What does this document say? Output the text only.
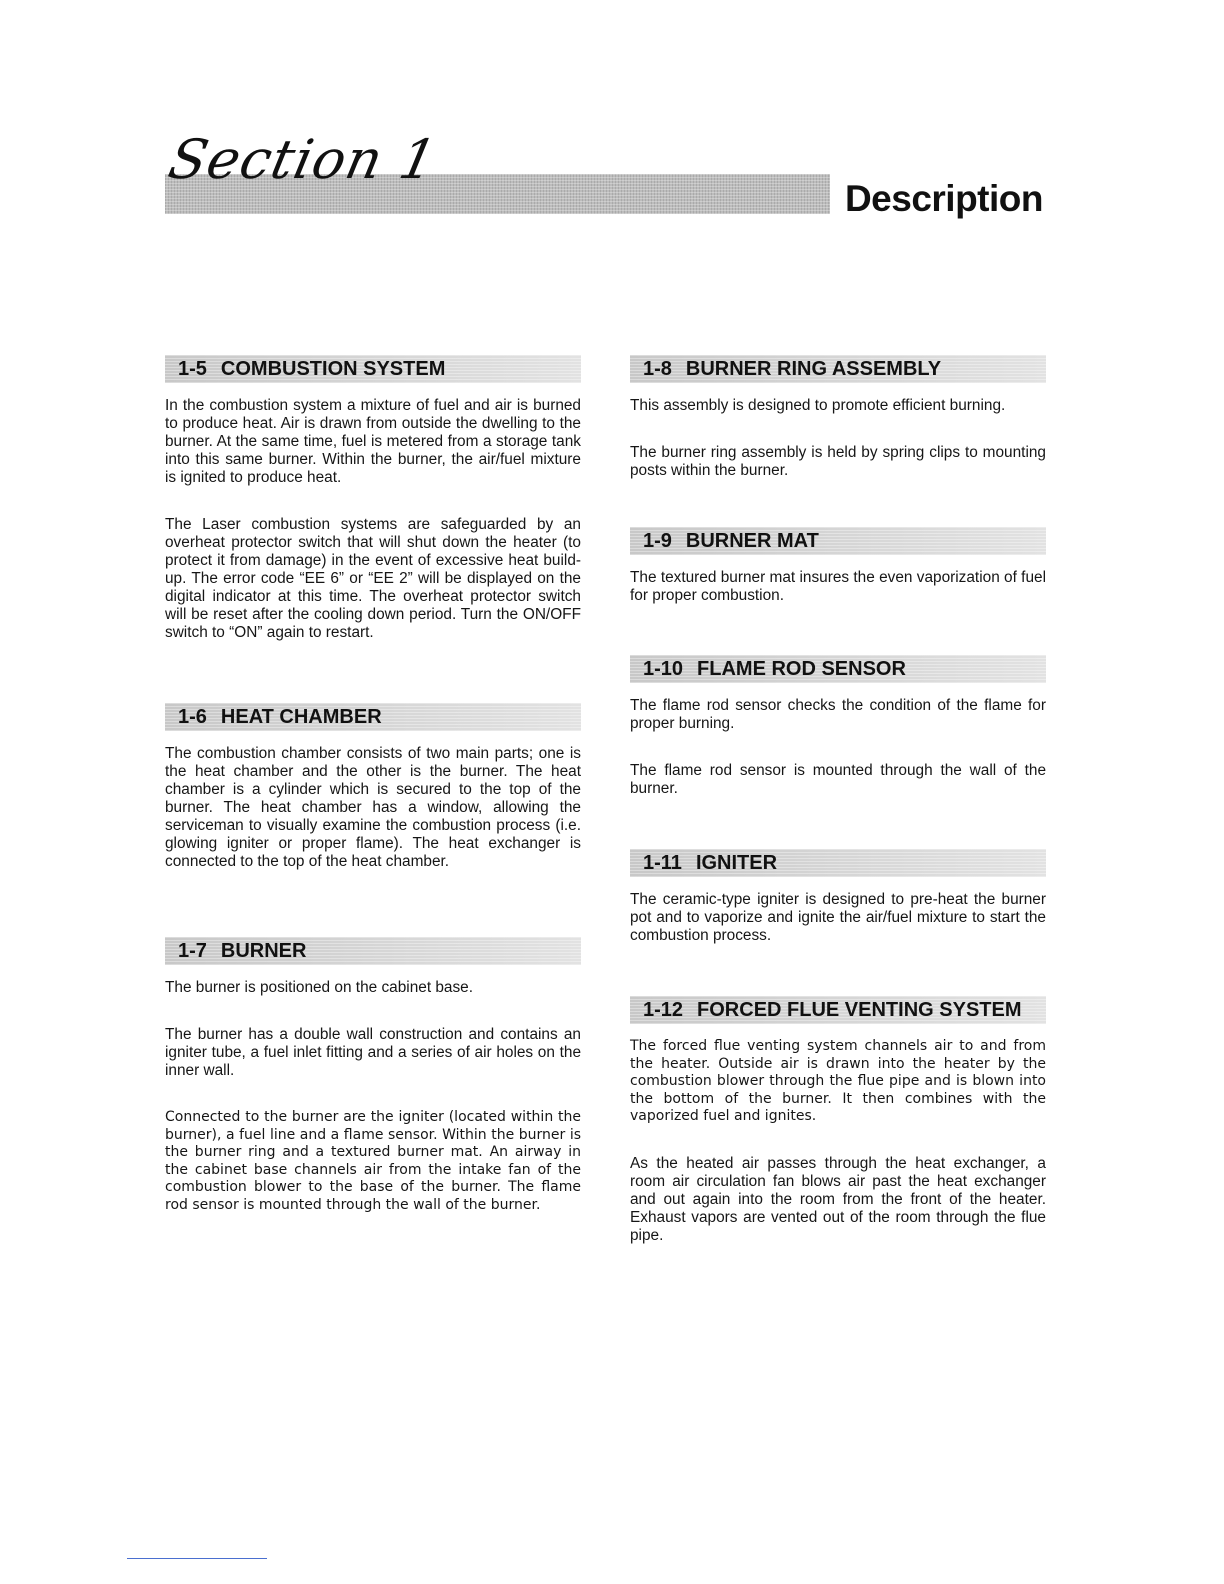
Section 1
Description
1-5 COMBUSTION SYSTEM

In the combustion system a mixture of fuel and air is burned to produce heat. Air is drawn from outside the dwelling to the burner. At the same time, fuel is metered from a storage tank into this same burner. Within the burner, the air/fuel mixture is ignited to produce heat.

The Laser combustion systems are safeguarded by an overheat protector switch that will shut down the heater (to protect it from damage) in the event of excessive heat build-up. The error code “EE 6” or “EE 2” will be displayed on the digital indicator at this time. The overheat protector switch will be reset after the cooling down period. Turn the ON/OFF switch to “ON” again to restart.

1-6 HEAT CHAMBER

The combustion chamber consists of two main parts; one is the heat chamber and the other is the burner. The heat chamber is a cylinder which is secured to the top of the burner. The heat chamber has a window, allowing the serviceman to visually examine the combustion process (i.e. glowing igniter or proper flame). The heat exchanger is connected to the top of the heat chamber.

1-7 BURNER

The burner is positioned on the cabinet base.

The burner has a double wall construction and contains an igniter tube, a fuel inlet fitting and a series of air holes on the inner wall.

Connected to the burner are the igniter (located within the burner), a fuel line and a flame sensor. Within the burner is the burner ring and a textured burner mat. An airway in the cabinet base channels air from the intake fan of the combustion blower to the base of the burner. The flame rod sensor is mounted through the wall of the burner.

1-8 BURNER RING ASSEMBLY

This assembly is designed to promote efficient burning.

The burner ring assembly is held by spring clips to mounting posts within the burner.

1-9 BURNER MAT

The textured burner mat insures the even vaporization of fuel for proper combustion.

1-10 FLAME ROD SENSOR

The flame rod sensor checks the condition of the flame for proper burning.

The flame rod sensor is mounted through the wall of the burner.

1-11 IGNITER

The ceramic-type igniter is designed to pre-heat the burner pot and to vaporize and ignite the air/fuel mixture to start the combustion process.

1-12 FORCED FLUE VENTING SYSTEM

The forced flue venting system channels air to and from the heater. Outside air is drawn into the heater by the combustion blower through the flue pipe and is blown into the bottom of the burner. It then combines with the vaporized fuel and ignites.

As the heated air passes through the heat exchanger, a room air circulation fan blows air past the heat exchanger and out again into the room from the front of the heater. Exhaust vapors are vented out of the room through the flue pipe.
